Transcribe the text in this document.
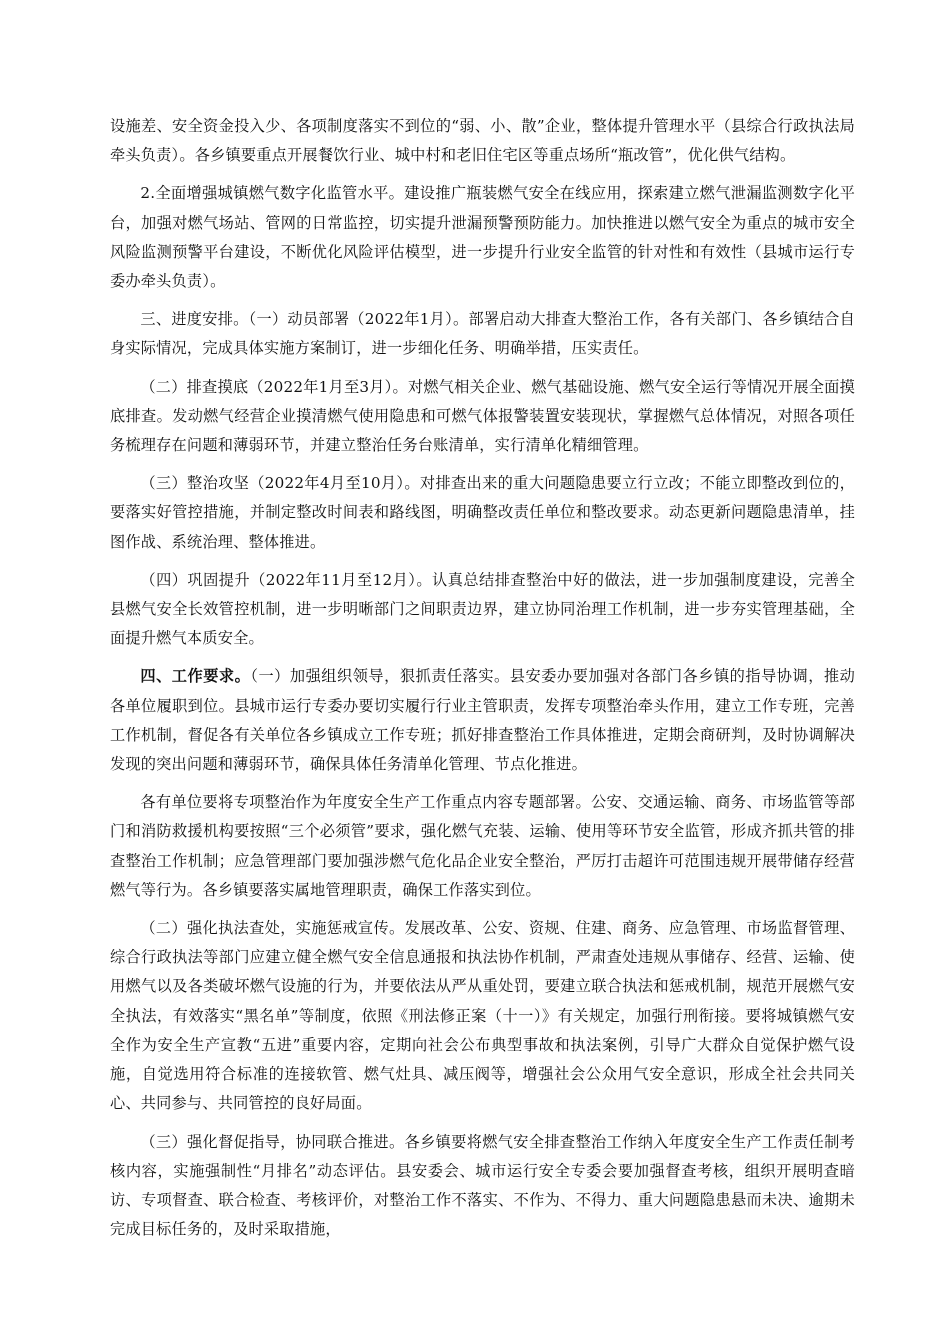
设施差、安全资金投入少、各项制度落实不到位的“弱、小、散”企业，整体提升管理水平（县综合行政执法局牵头负责）。各乡镇要重点开展餐饮行业、城中村和老旧住宅区等重点场所“瓶改管”，优化供气结构。

2.全面增强城镇燃气数字化监管水平。建设推广瓶装燃气安全在线应用，探索建立燃气泄漏监测数字化平台，加强对燃气场站、管网的日常监控，切实提升泄漏预警预防能力。加快推进以燃气安全为重点的城市安全风险监测预警平台建设，不断优化风险评估模型，进一步提升行业安全监管的针对性和有效性（县城市运行专委办牵头负责）。

三、进度安排。（一）动员部署（2022年1月）。部署启动大排查大整治工作，各有关部门、各乡镇结合自身实际情况，完成具体实施方案制订，进一步细化任务、明确举措，压实责任。

（二）排查摸底（2022年1月至3月）。对燃气相关企业、燃气基础设施、燃气安全运行等情况开展全面摸底排查。发动燃气经营企业摸清燃气使用隐患和可燃气体报警装置安装现状，掌握燃气总体情况，对照各项任务梳理存在问题和薄弱环节，并建立整治任务台账清单，实行清单化精细管理。

（三）整治攻坚（2022年4月至10月）。对排查出来的重大问题隐患要立行立改；不能立即整改到位的，要落实好管控措施，并制定整改时间表和路线图，明确整改责任单位和整改要求。动态更新问题隐患清单，挂图作战、系统治理、整体推进。

（四）巩固提升（2022年11月至12月）。认真总结排查整治中好的做法，进一步加强制度建设，完善全县燃气安全长效管控机制，进一步明晰部门之间职责边界，建立协同治理工作机制，进一步夯实管理基础，全面提升燃气本质安全。

四、工作要求。（一）加强组织领导，狠抓责任落实。县安委办要加强对各部门各乡镇的指导协调，推动各单位履职到位。县城市运行专委办要切实履行行业主管职责，发挥专项整治牵头作用，建立工作专班，完善工作机制，督促各有关单位各乡镇成立工作专班；抓好排查整治工作具体推进，定期会商研判，及时协调解决发现的突出问题和薄弱环节，确保具体任务清单化管理、节点化推进。

各有单位要将专项整治作为年度安全生产工作重点内容专题部署。公安、交通运输、商务、市场监管等部门和消防救援机构要按照“三个必须管”要求，强化燃气充装、运输、使用等环节安全监管，形成齐抓共管的排查整治工作机制；应急管理部门要加强涉燃气危化品企业安全整治，严厉打击超许可范围违规开展带储存经营燃气等行为。各乡镇要落实属地管理职责，确保工作落实到位。

（二）强化执法查处，实施惩戒宣传。发展改革、公安、资规、住建、商务、应急管理、市场监督管理、综合行政执法等部门应建立健全燃气安全信息通报和执法协作机制，严肃查处违规从事储存、经营、运输、使用燃气以及各类破坏燃气设施的行为，并要依法从严从重处罚，要建立联合执法和惩戒机制，规范开展燃气安全执法，有效落实“黑名单”等制度，依照《刑法修正案（十一）》有关规定，加强行刑衔接。要将城镇燃气安全作为安全生产宣教“五进”重要内容，定期向社会公布典型事故和执法案例，引导广大群众自觉保护燃气设施，自觉选用符合标准的连接软管、燃气灶具、减压阀等，增强社会公众用气安全意识，形成全社会共同关心、共同参与、共同管控的良好局面。

（三）强化督促指导，协同联合推进。各乡镇要将燃气安全排查整治工作纳入年度安全生产工作责任制考核内容，实施强制性“月排名”动态评估。县安委会、城市运行安全专委会要加强督查考核，组织开展明查暗访、专项督查、联合检查、考核评价，对整治工作不落实、不作为、不得力、重大问题隐患悬而未决、逾期未完成目标任务的，及时采取措施，
